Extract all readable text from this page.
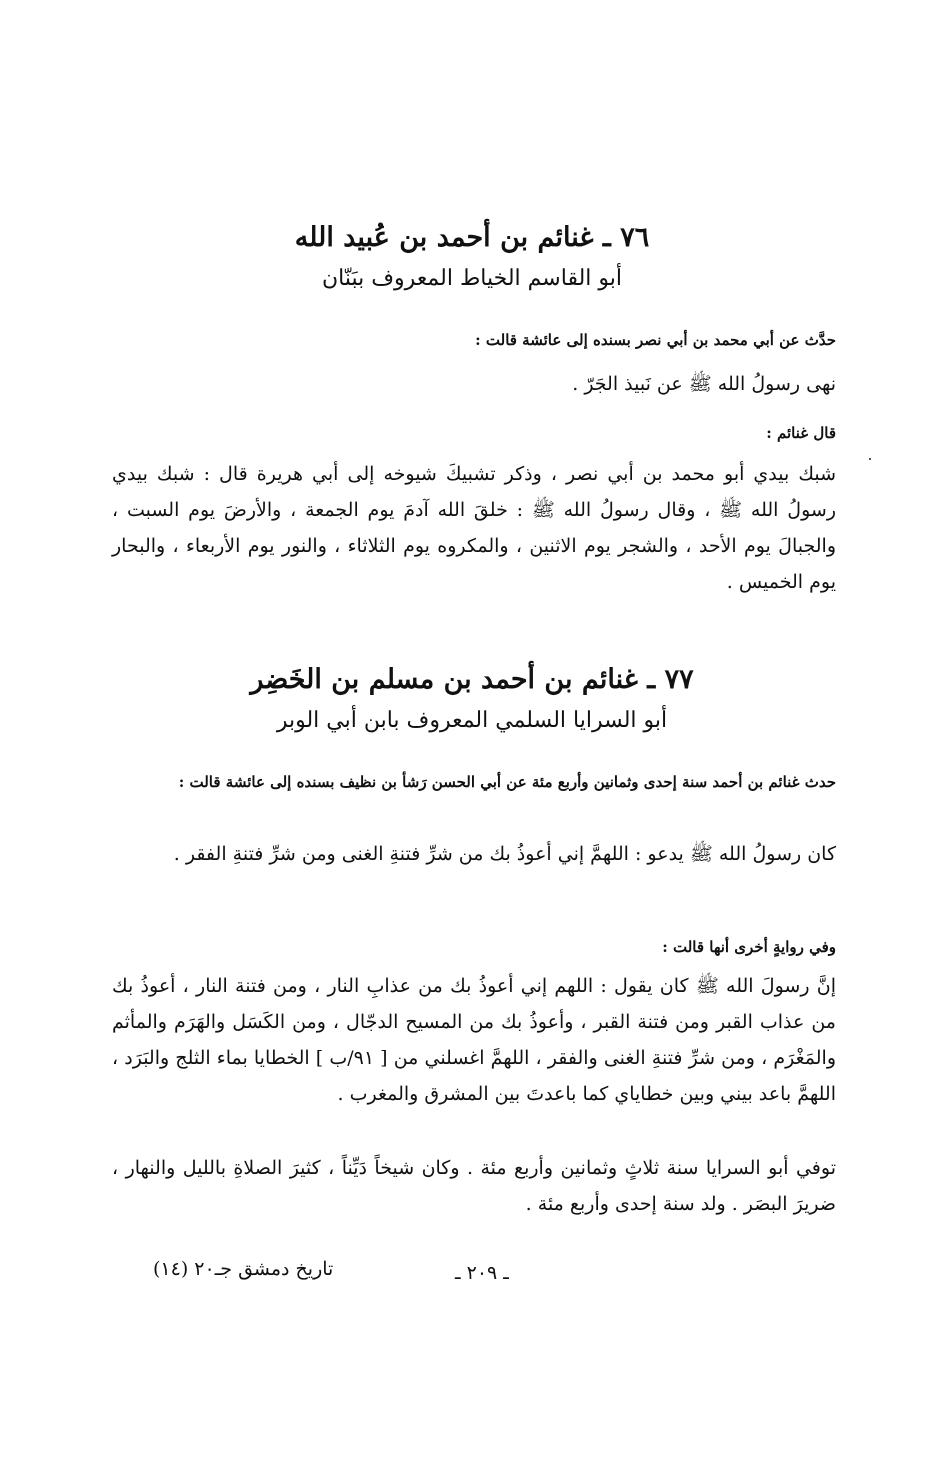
٧٦ ـ غنائم بن أحمد بن عُبيد الله
أبو القاسم الخياط المعروف ببَنّان
حدَّث عن أبي محمد بن أبي نصر بسنده إلى عائشة قالت :
نهى رسولُ الله ﷺ عن نَبيذ الجَرّ .
قال غنائم :
شبك بيدي أبو محمد بن أبي نصر ، وذكر تشبيكَ شيوخه إلى أبي هريرة قال : شبك بيدي رسولُ الله ﷺ ، وقال رسولُ الله ﷺ : خلقَ الله آدمَ يوم الجمعة ، والأرضَ يوم السبت ، والجبالَ يوم الأحد ، والشجر يوم الاثنين ، والمكروه يوم الثلاثاء ، والنور يوم الأربعاء ، والبحار يوم الخميس .
٧٧ ـ غنائم بن أحمد بن مسلم بن الخَضِر
أبو السرايا السلمي المعروف بابن أبي الوبر
حدث غنائم بن أحمد سنة إحدى وثمانين وأربع مئة عن أبي الحسن رَشأ بن نظيف بسنده إلى عائشة قالت :
كان رسولُ الله ﷺ يدعو : اللهمَّ إني أعوذُ بك من شرِّ فتنةِ الغنى ومن شرِّ فتنةِ الفقر .
وفي روايةٍ أخرى أنها قالت :
إنَّ رسولَ الله ﷺ كان يقول : اللهم إني أعوذُ بك من عذابِ النار ، ومن فتنة النار ، أعوذُ بك من عذاب القبر ومن فتنة القبر ، وأعوذُ بك من المسيح الدجّال ، ومن الكَسَل والهَرَم والمأثم والمَغْرَم ، ومن شرِّ فتنةِ الغنى والفقر ، اللهمَّ اغسلني من [ ٩١/ب ] الخطايا بماء الثلج والبَرَد ، اللهمَّ باعد بيني وبين خطاياي كما باعدتَ بين المشرق والمغرب .
توفي أبو السرايا سنة ثلاثٍ وثمانين وأربع مئة . وكان شيخاً دَيِّناً ، كثيرَ الصلاةِ بالليل والنهار ، ضريرَ البصَر . ولد سنة إحدى وأربع مئة .
ـ ٢٠٩ ـ
تاريخ دمشق جـ٢٠ (١٤)
